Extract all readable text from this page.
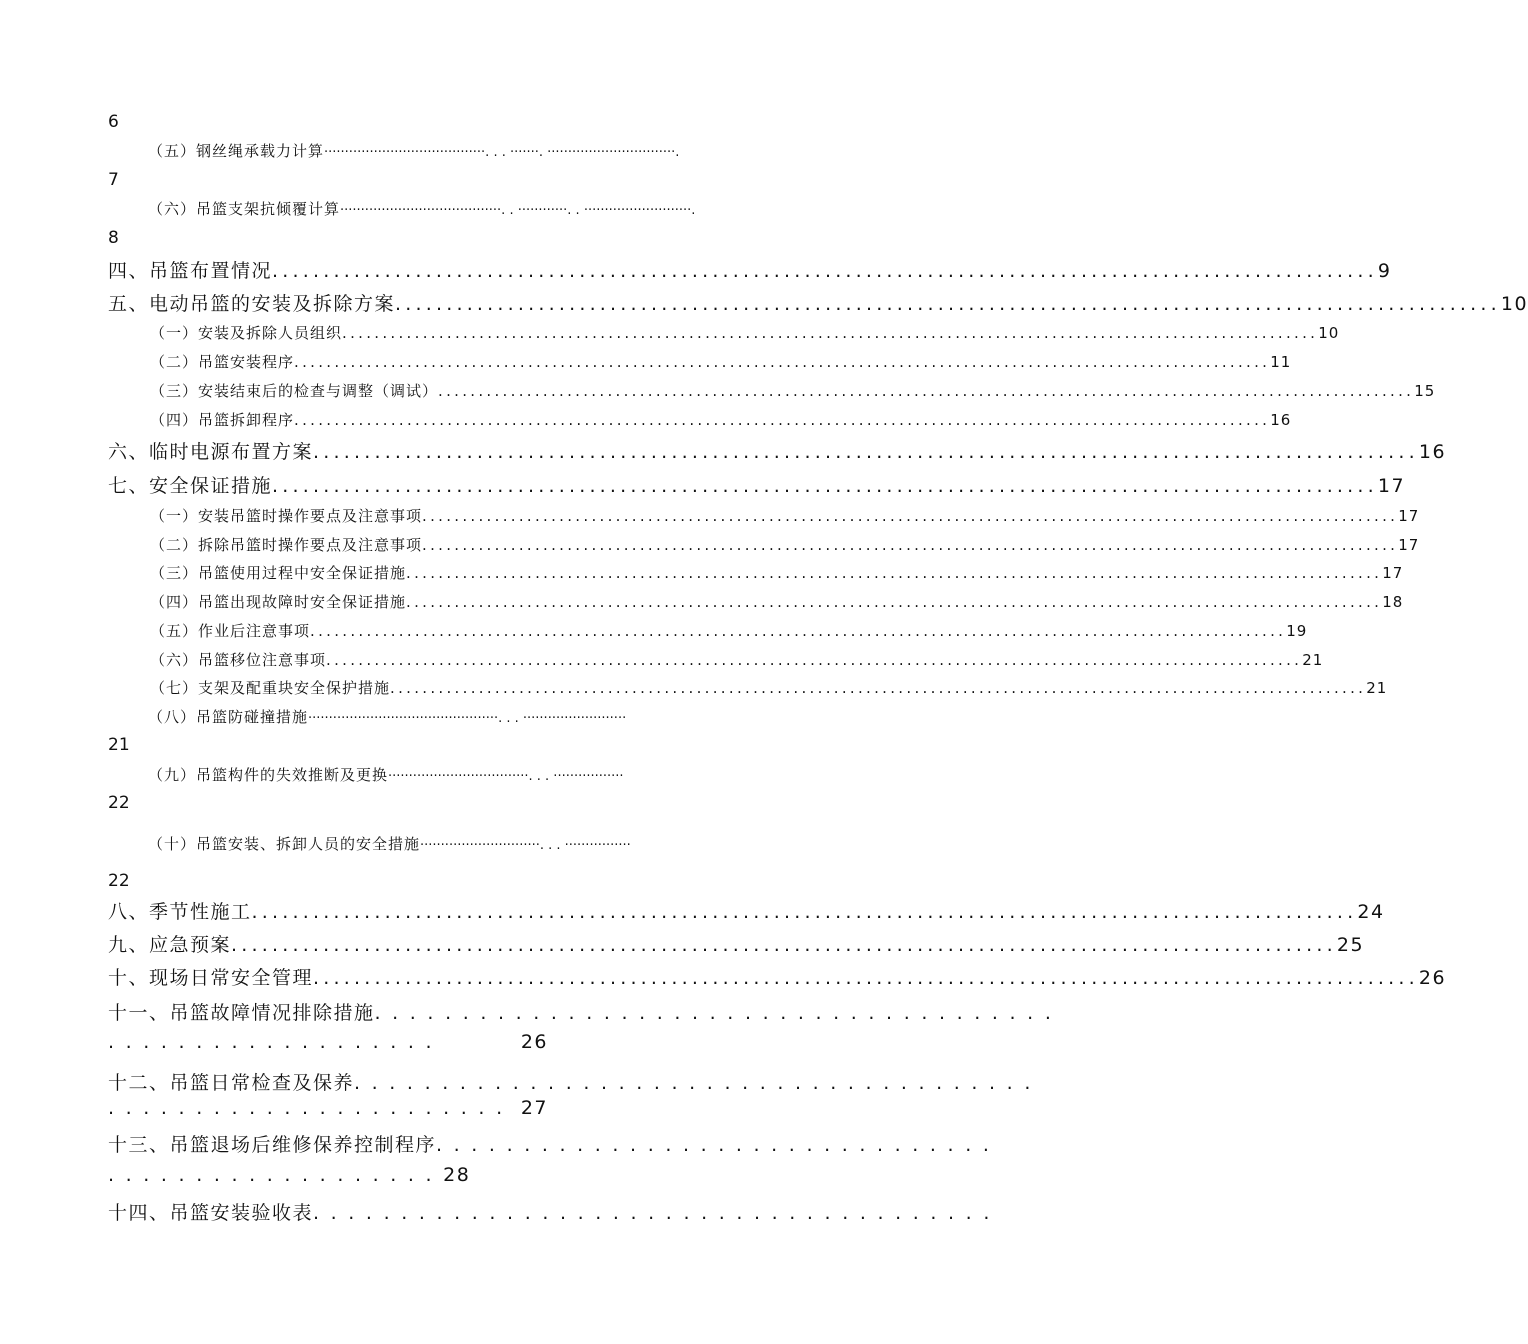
6
（五）钢丝绳承载力计算 ·······································. . . ·······. ·······························.
7
（六）吊篮支架抗倾覆计算 ·······································. . ············. . ··························.
8
四、吊篮布置情况 ............................................................................................................ 9
五、电动吊篮的安装及拆除方案 ............................................................................................................ 10
（一）安装及拆除人员组织 ......................................................................................................................... 10
（二）吊篮安装程序 ......................................................................................................................... 11
（三）安装结束后的检查与调整（调试） ......................................................................................................................... 15
（四）吊篮拆卸程序 ......................................................................................................................... 16
六、临时电源布置方案 ............................................................................................................ 16
七、安全保证措施 ............................................................................................................ 17
（一）安装吊篮时操作要点及注意事项 ......................................................................................................................... 17
（二）拆除吊篮时操作要点及注意事项 ......................................................................................................................... 17
（三）吊篮使用过程中安全保证措施 ......................................................................................................................... 17
（四）吊篮出现故障时安全保证措施 ......................................................................................................................... 18
（五）作业后注意事项 ......................................................................................................................... 19
（六）吊篮移位注意事项 ......................................................................................................................... 21
（七）支架及配重块安全保护措施 ......................................................................................................................... 21
（八）吊篮防碰撞措施 ··············································. . . ·························
21
（九）吊篮构件的失效推断及更换 ··································. . . ·················
22
（十）吊篮安装、拆卸人员的安全措施 ·····························. . . ················
22
八、季节性施工 ............................................................................................................ 24
九、应急预案 ............................................................................................................ 25
十、现场日常安全管理 ............................................................................................................ 26
十一、吊篮故障情况排除措施 .......................................
...................	26
十二、吊篮日常检查及保养 .......................................
....................... 27
十三、吊篮退场后维修保养控制程序 ................................
................... 28
十四、吊篮安装验收表 .......................................
